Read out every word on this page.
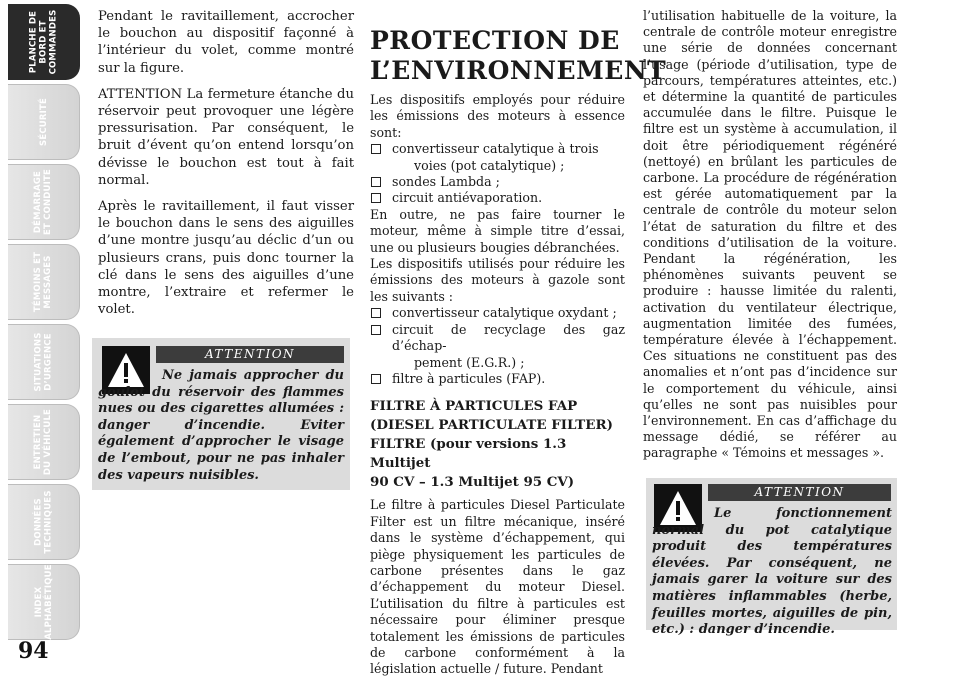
PLANCHE DE
BORD ET
COMMANDES
SÉCURITÉ
DÉMARRAGE
ET CONDUITE
TÉMOINS ET
MESSAGES
SITUATIONS
D’URGENCE
ENTRETIEN
DU VÉHICULE
DONNÉES
TECHNIQUES
INDEX
ALPHABÉTIQUE
94

Pendant le ravitaillement, accrocher le bouchon au dispositif façonné à l’intérieur du volet, comme montré sur la figure.

ATTENTION La fermeture étanche du réservoir peut provoquer une légère pressurisation. Par conséquent, le bruit d’évent qu’on entend lorsqu’on dévisse le bouchon est tout à fait normal.

Après le ravitaillement, il faut visser le bouchon dans le sens des aiguilles d’une montre jusqu’au déclic d’un ou plusieurs crans, puis donc tourner la clé dans le sens des aiguilles d’une montre, l’extraire et refermer le volet.

ATTENTION
Ne jamais approcher du goulot du réservoir des flammes nues ou des cigarettes allumées : danger d’incendie. Eviter également d’approcher le visage de l’embout, pour ne pas inhaler des vapeurs nuisibles.
PROTECTION DE
L’ENVIRONNEMENT

Les dispositifs employés pour réduire les émissions des moteurs à essence sont:

convertisseur catalytique à trois
voies (pot catalytique) ;
sondes Lambda ;
circuit antiévaporation.

En outre, ne pas faire tourner le moteur, même à simple titre d’essai, une ou plusieurs bougies débranchées.

Les dispositifs utilisés pour réduire les émissions des moteurs à gazole sont les suivants :

convertisseur catalytique oxydant ;
circuit de recyclage des gaz d’échap-
pement (E.G.R.) ;
filtre à particules (FAP).
FILTRE À PARTICULES FAP
(DIESEL PARTICULATE FILTER)
FILTRE (pour versions 1.3 Multijet
90 CV – 1.3 Multijet 95 CV)

Le filtre à particules Diesel Particulate Filter est un filtre mécanique, inséré dans le système d’échappement, qui piège physiquement les particules de carbone présentes dans le gaz d’échappement du moteur Diesel. L’utilisation du filtre à particules est nécessaire pour éliminer presque totalement les émissions de particules de carbone conformément à la législation actuelle / future. Pendant

l’utilisation habituelle de la voiture, la centrale de contrôle moteur enregistre une série de données concernant l’usage (période d’utilisation, type de parcours, températures atteintes, etc.) et détermine la quantité de particules accumulée dans le filtre. Puisque le filtre est un système à accumulation, il doit être périodiquement régénéré (nettoyé) en brûlant les particules de carbone. La procédure de régénération est gérée automatiquement par la centrale de contrôle du moteur selon l’état de saturation du filtre et des conditions d’utilisation de la voiture. Pendant la régénération, les phénomènes suivants peuvent se produire : hausse limitée du ralenti, activation du ventilateur électrique, augmentation limitée des fumées, température élevée à l’échappement. Ces situations ne constituent pas des anomalies et n’ont pas d’incidence sur le comportement du véhicule, ainsi qu’elles ne sont pas nuisibles pour l’environnement. En cas d’affichage du message dédié, se référer au paragraphe « Témoins et messages ».

ATTENTION
Le fonctionnement normal du pot catalytique produit des températures élevées. Par conséquent, ne jamais garer la voiture sur des matières inflammables (herbe, feuilles mortes, aiguilles de pin, etc.) : danger d’incendie.
